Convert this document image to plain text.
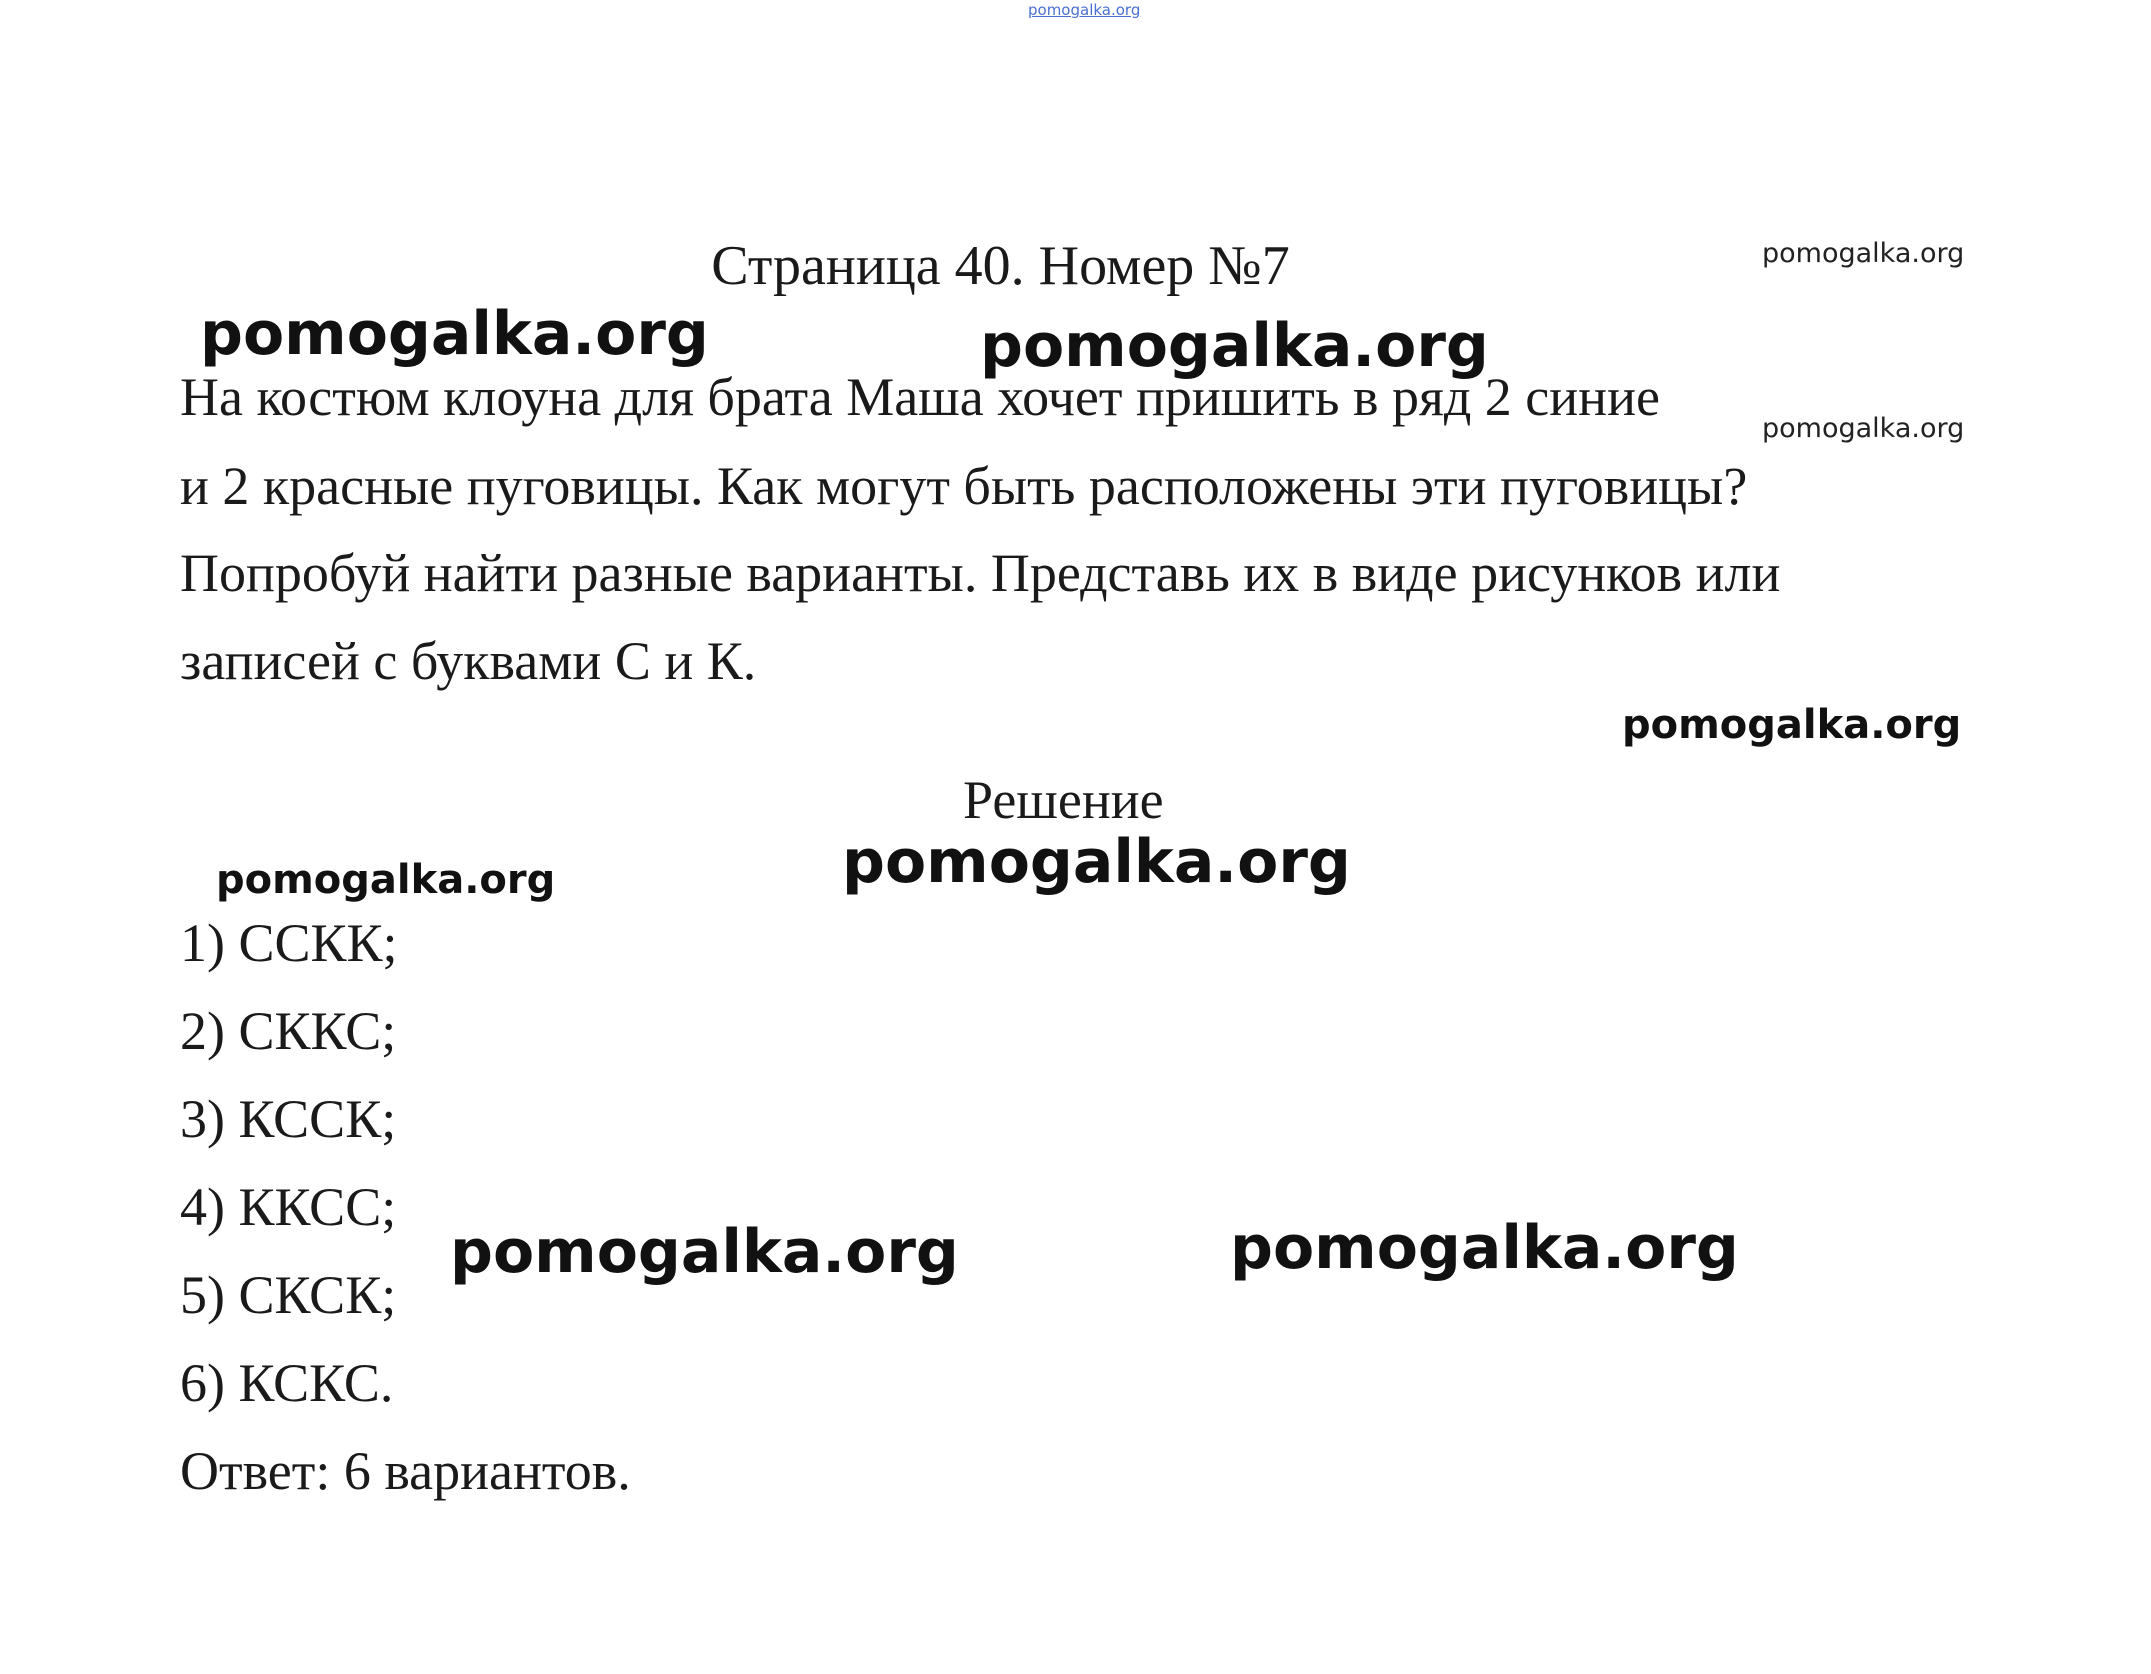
pomogalka.org
pomogalka.org
pomogalka.org	pomogalka.org
pomogalka.org
pomogalka.org
pomogalka.org	pomogalka.org
pomogalka.org	pomogalka.org
Страница 40. Номер №7
На костюм клоуна для брата Маша хочет пришить в ряд 2 синие
и 2 красные пуговицы. Как могут быть расположены эти пуговицы?
Попробуй найти разные варианты. Представь их в виде рисунков или
записей с буквами С и К.
Решение
1) ССКК;
2) СККС;
3) КССК;
4) ККСС;
5) СКСК;
6) КСКС.
Ответ: 6 вариантов.
